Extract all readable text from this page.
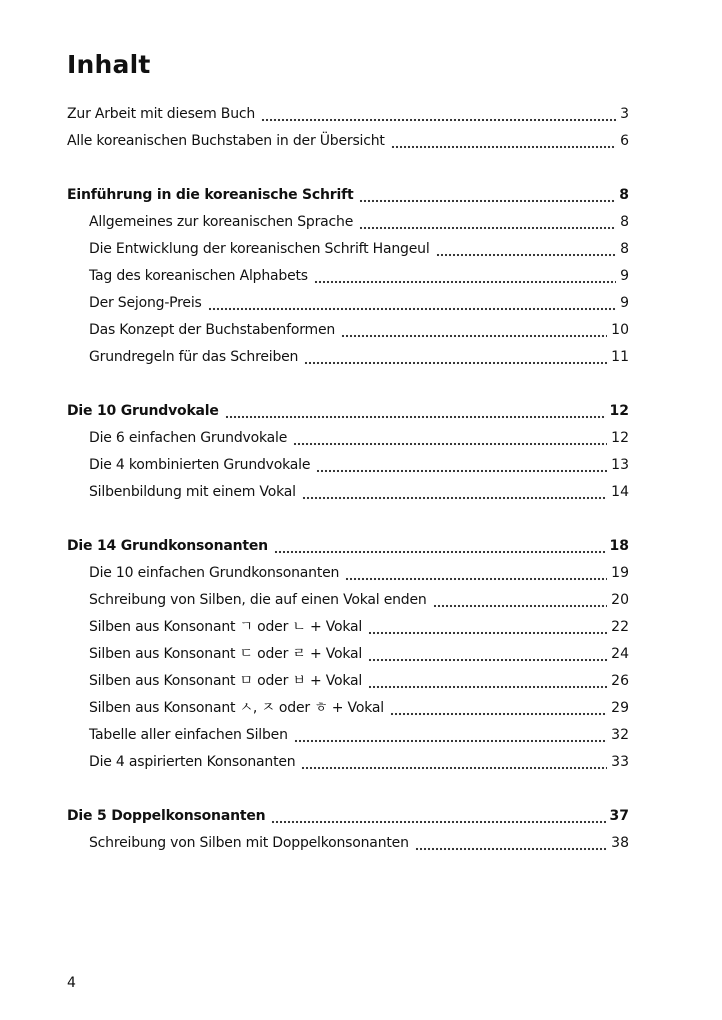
Inhalt
Zur Arbeit mit diesem Buch	3
Alle koreanischen Buchstaben in der Übersicht	6
Einführung in die koreanische Schrift	8
Allgemeines zur koreanischen Sprache	8
Die Entwicklung der koreanischen Schrift Hangeul	8
Tag des koreanischen Alphabets	9
Der Sejong-Preis	9
Das Konzept der Buchstabenformen	10
Grundregeln für das Schreiben	11
Die 10 Grundvokale	12
Die 6 einfachen Grundvokale	12
Die 4 kombinierten Grundvokale	13
Silbenbildung mit einem Vokal	14
Die 14 Grundkonsonanten	18
Die 10 einfachen Grundkonsonanten	19
Schreibung von Silben, die auf einen Vokal enden	20
Silben aus Konsonant ㄱ oder ㄴ + Vokal	22
Silben aus Konsonant ㄷ oder ㄹ + Vokal	24
Silben aus Konsonant ㅁ oder ㅂ + Vokal	26
Silben aus Konsonant ㅅ, ㅈ oder ㅎ + Vokal	29
Tabelle aller einfachen Silben	32
Die 4 aspirierten Konsonanten	33
Die 5 Doppelkonsonanten	37
Schreibung von Silben mit Doppelkonsonanten	38
4
